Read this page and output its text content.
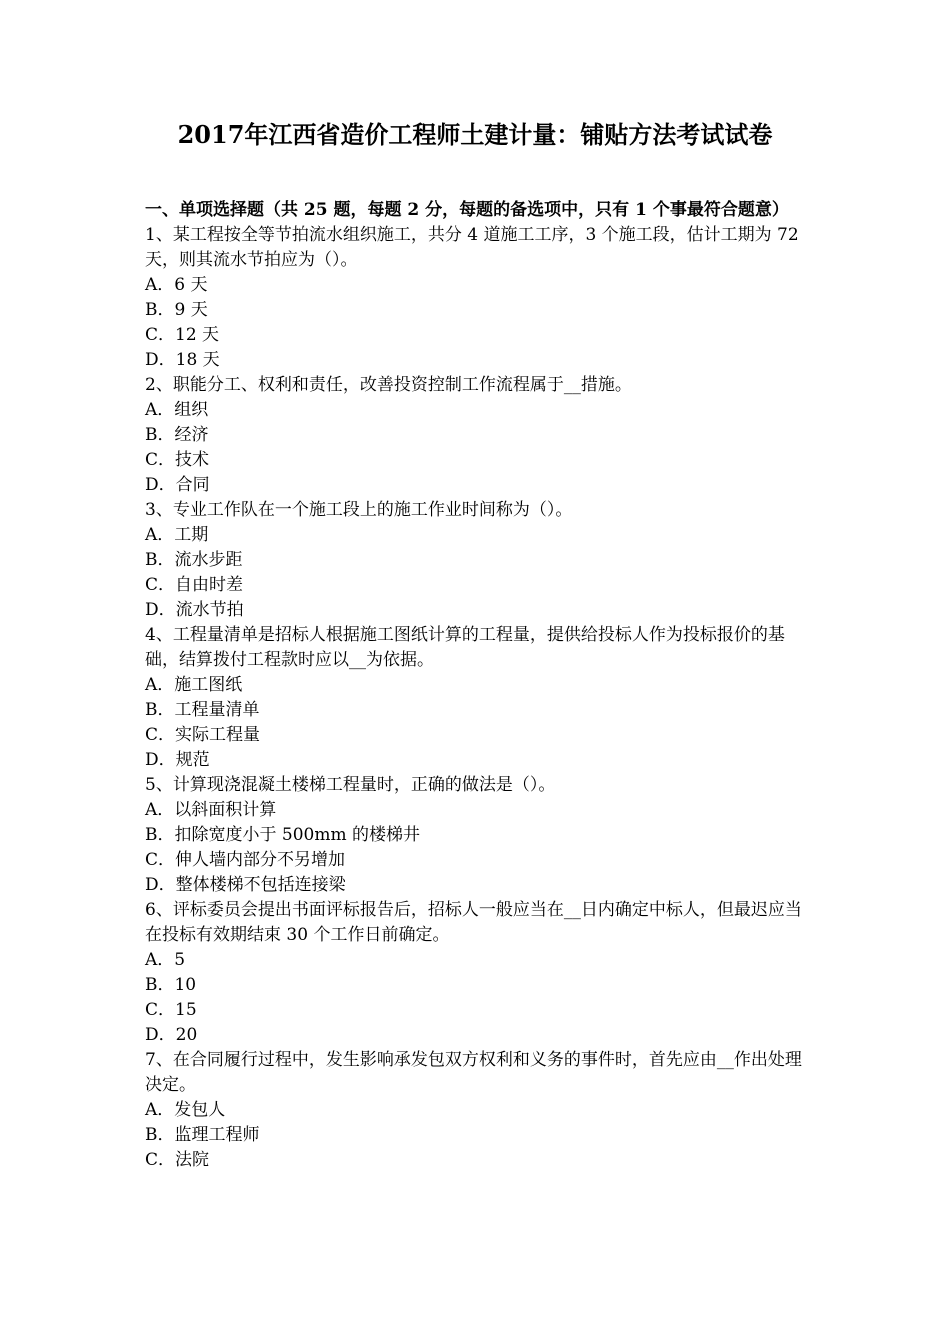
2017年江西省造价工程师土建计量：铺贴方法考试试卷

一、单项选择题（共 25 题，每题 2 分，每题的备选项中，只有 1 个事最符合题意）

1、某工程按全等节拍流水组织施工，共分 4 道施工工序，3 个施工段，估计工期为 72 天，则其流水节拍应为（）。

A．6 天

B．9 天

C．12 天

D．18 天

2、职能分工、权利和责任，改善投资控制工作流程属于__措施。

A．组织

B．经济

C．技术

D．合同

3、专业工作队在一个施工段上的施工作业时间称为（）。

A．工期

B．流水步距

C．自由时差

D．流水节拍

4、工程量清单是招标人根据施工图纸计算的工程量，提供给投标人作为投标报价的基础，结算拨付工程款时应以__为依据。

A．施工图纸

B．工程量清单

C．实际工程量

D．规范

5、计算现浇混凝土楼梯工程量时，正确的做法是（）。

A．以斜面积计算

B．扣除宽度小于 500mm 的楼梯井

C．伸人墙内部分不另增加

D．整体楼梯不包括连接梁

6、评标委员会提出书面评标报告后，招标人一般应当在__日内确定中标人，但最迟应当在投标有效期结束 30 个工作日前确定。

A．5

B．10

C．15

D．20

7、在合同履行过程中，发生影响承发包双方权利和义务的事件时，首先应由__作出处理决定。

A．发包人

B．监理工程师

C．法院
